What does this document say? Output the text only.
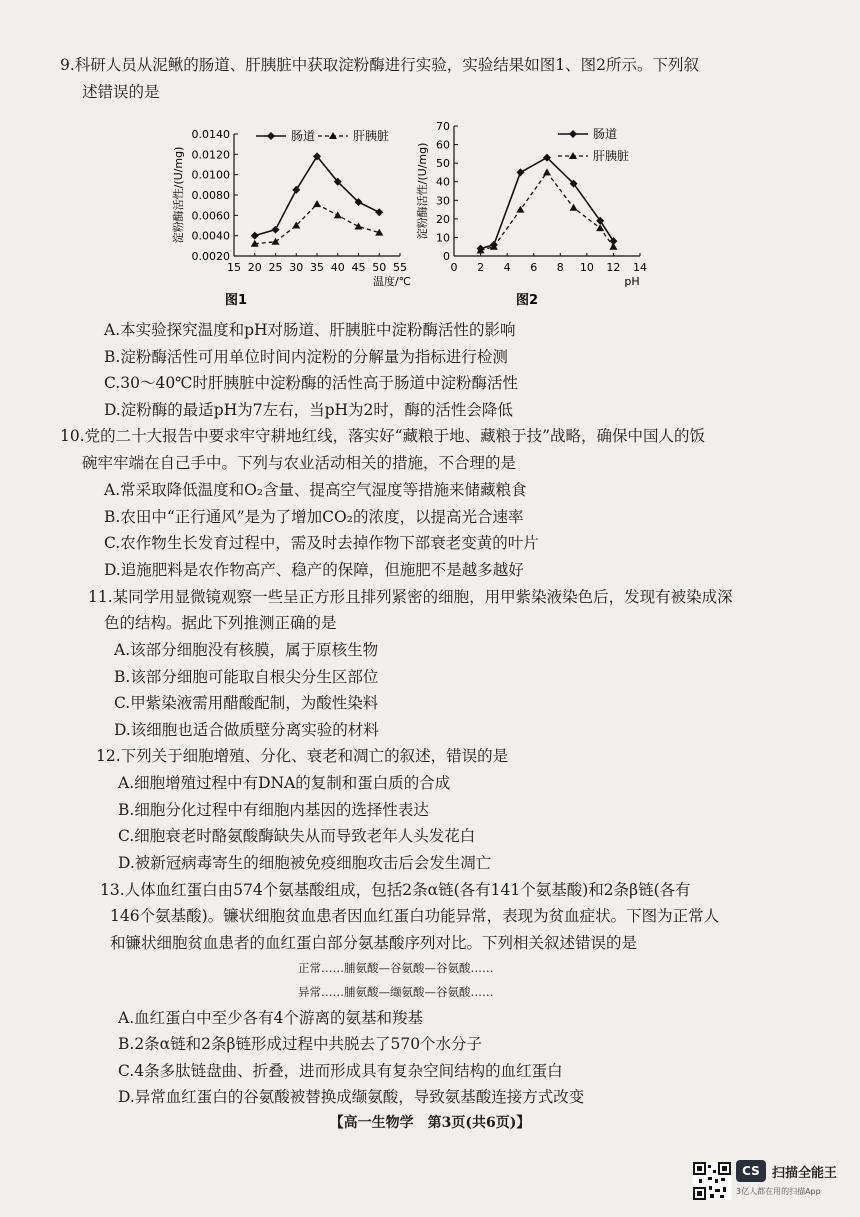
9.科研人员从泥鳅的肠道、肝胰脏中获取淀粉酶进行实验，实验结果如图1、图2所示。下列叙
述错误的是
0.0140
0.0120
0.0100
0.0080
0.0060
0.0040
0.0020
15 20 25 30 35 40 45 50 55
温度/℃
淀粉酶活性/(U/mg)
肠道	肝胰脏
图1
70
60
50
40
30
20
10
0
2 4 6 8 10 12 14
pH
淀粉酶活性/(U/mg)
肠道
肝胰脏
0
图2
A.本实验探究温度和pH对肠道、肝胰脏中淀粉酶活性的影响
B.淀粉酶活性可用单位时间内淀粉的分解量为指标进行检测
C.30～40℃时肝胰脏中淀粉酶的活性高于肠道中淀粉酶活性
D.淀粉酶的最适pH为7左右，当pH为2时，酶的活性会降低
10.党的二十大报告中要求牢守耕地红线，落实好“藏粮于地、藏粮于技”战略，确保中国人的饭
碗牢牢端在自己手中。下列与农业活动相关的措施，不合理的是
A.常采取降低温度和O₂含量、提高空气湿度等措施来储藏粮食
B.农田中“正行通风”是为了增加CO₂的浓度，以提高光合速率
C.农作物生长发育过程中，需及时去掉作物下部衰老变黄的叶片
D.追施肥料是农作物高产、稳产的保障，但施肥不是越多越好
11.某同学用显微镜观察一些呈正方形且排列紧密的细胞，用甲紫染液染色后，发现有被染成深
色的结构。据此下列推测正确的是
A.该部分细胞没有核膜，属于原核生物
B.该部分细胞可能取自根尖分生区部位
C.甲紫染液需用醋酸配制，为酸性染料
D.该细胞也适合做质壁分离实验的材料
12.下列关于细胞增殖、分化、衰老和凋亡的叙述，错误的是
A.细胞增殖过程中有DNA的复制和蛋白质的合成
B.细胞分化过程中有细胞内基因的选择性表达
C.细胞衰老时酪氨酸酶缺失从而导致老年人头发花白
D.被新冠病毒寄生的细胞被免疫细胞攻击后会发生凋亡
13.人体血红蛋白由574个氨基酸组成，包括2条α链(各有141个氨基酸)和2条β链(各有
146个氨基酸)。镰状细胞贫血患者因血红蛋白功能异常，表现为贫血症状。下图为正常人
和镰状细胞贫血患者的血红蛋白部分氨基酸序列对比。下列相关叙述错误的是
正常……脯氨酸—谷氨酸—谷氨酸……
异常……脯氨酸—缬氨酸—谷氨酸……
A.血红蛋白中至少各有4个游离的氨基和羧基
B.2条α链和2条β链形成过程中共脱去了570个水分子
C.4条多肽链盘曲、折叠，进而形成具有复杂空间结构的血红蛋白
D.异常血红蛋白的谷氨酸被替换成缬氨酸，导致氨基酸连接方式改变
【高一生物学　第3页(共6页)】
CS 扫描全能王
3亿人都在用的扫描App
